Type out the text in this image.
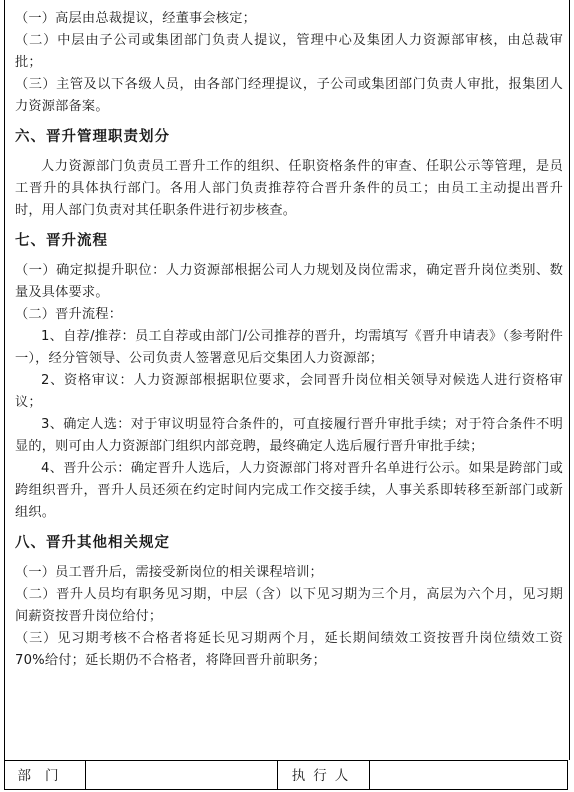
（一）高层由总裁提议，经董事会核定；

（二）中层由子公司或集团部门负责人提议，管理中心及集团人力资源部审核，由总裁审批；

（三）主管及以下各级人员，由各部门经理提议，子公司或集团部门负责人审批，报集团人力资源部备案。

六、晋升管理职责划分

人力资源部门负责员工晋升工作的组织、任职资格条件的审查、任职公示等管理，是员工晋升的具体执行部门。各用人部门负责推荐符合晋升条件的员工；由员工主动提出晋升时，用人部门负责对其任职条件进行初步核查。

七、晋升流程

（一）确定拟提升职位：人力资源部根据公司人力规划及岗位需求，确定晋升岗位类别、数量及具体要求。

（二）晋升流程：

1、自荐/推荐：员工自荐或由部门/公司推荐的晋升，均需填写《晋升申请表》（参考附件一），经分管领导、公司负责人签署意见后交集团人力资源部；

2、资格审议：人力资源部根据职位要求，会同晋升岗位相关领导对候选人进行资格审议；

3、确定人选：对于审议明显符合条件的，可直接履行晋升审批手续；对于符合条件不明显的，则可由人力资源部门组织内部竞聘，最终确定人选后履行晋升审批手续；

4、晋升公示：确定晋升人选后，人力资源部门将对晋升名单进行公示。如果是跨部门或跨组织晋升，晋升人员还须在约定时间内完成工作交接手续，人事关系即转移至新部门或新组织。

八、晋升其他相关规定

（一）员工晋升后，需接受新岗位的相关课程培训；

（二）晋升人员均有职务见习期，中层（含）以下见习期为三个月，高层为六个月，见习期间薪资按晋升岗位给付；

（三）见习期考核不合格者将延长见习期两个月，延长期间绩效工资按晋升岗位绩效工资 70%给付；延长期仍不合格者，将降回晋升前职务；

部门	执行人
